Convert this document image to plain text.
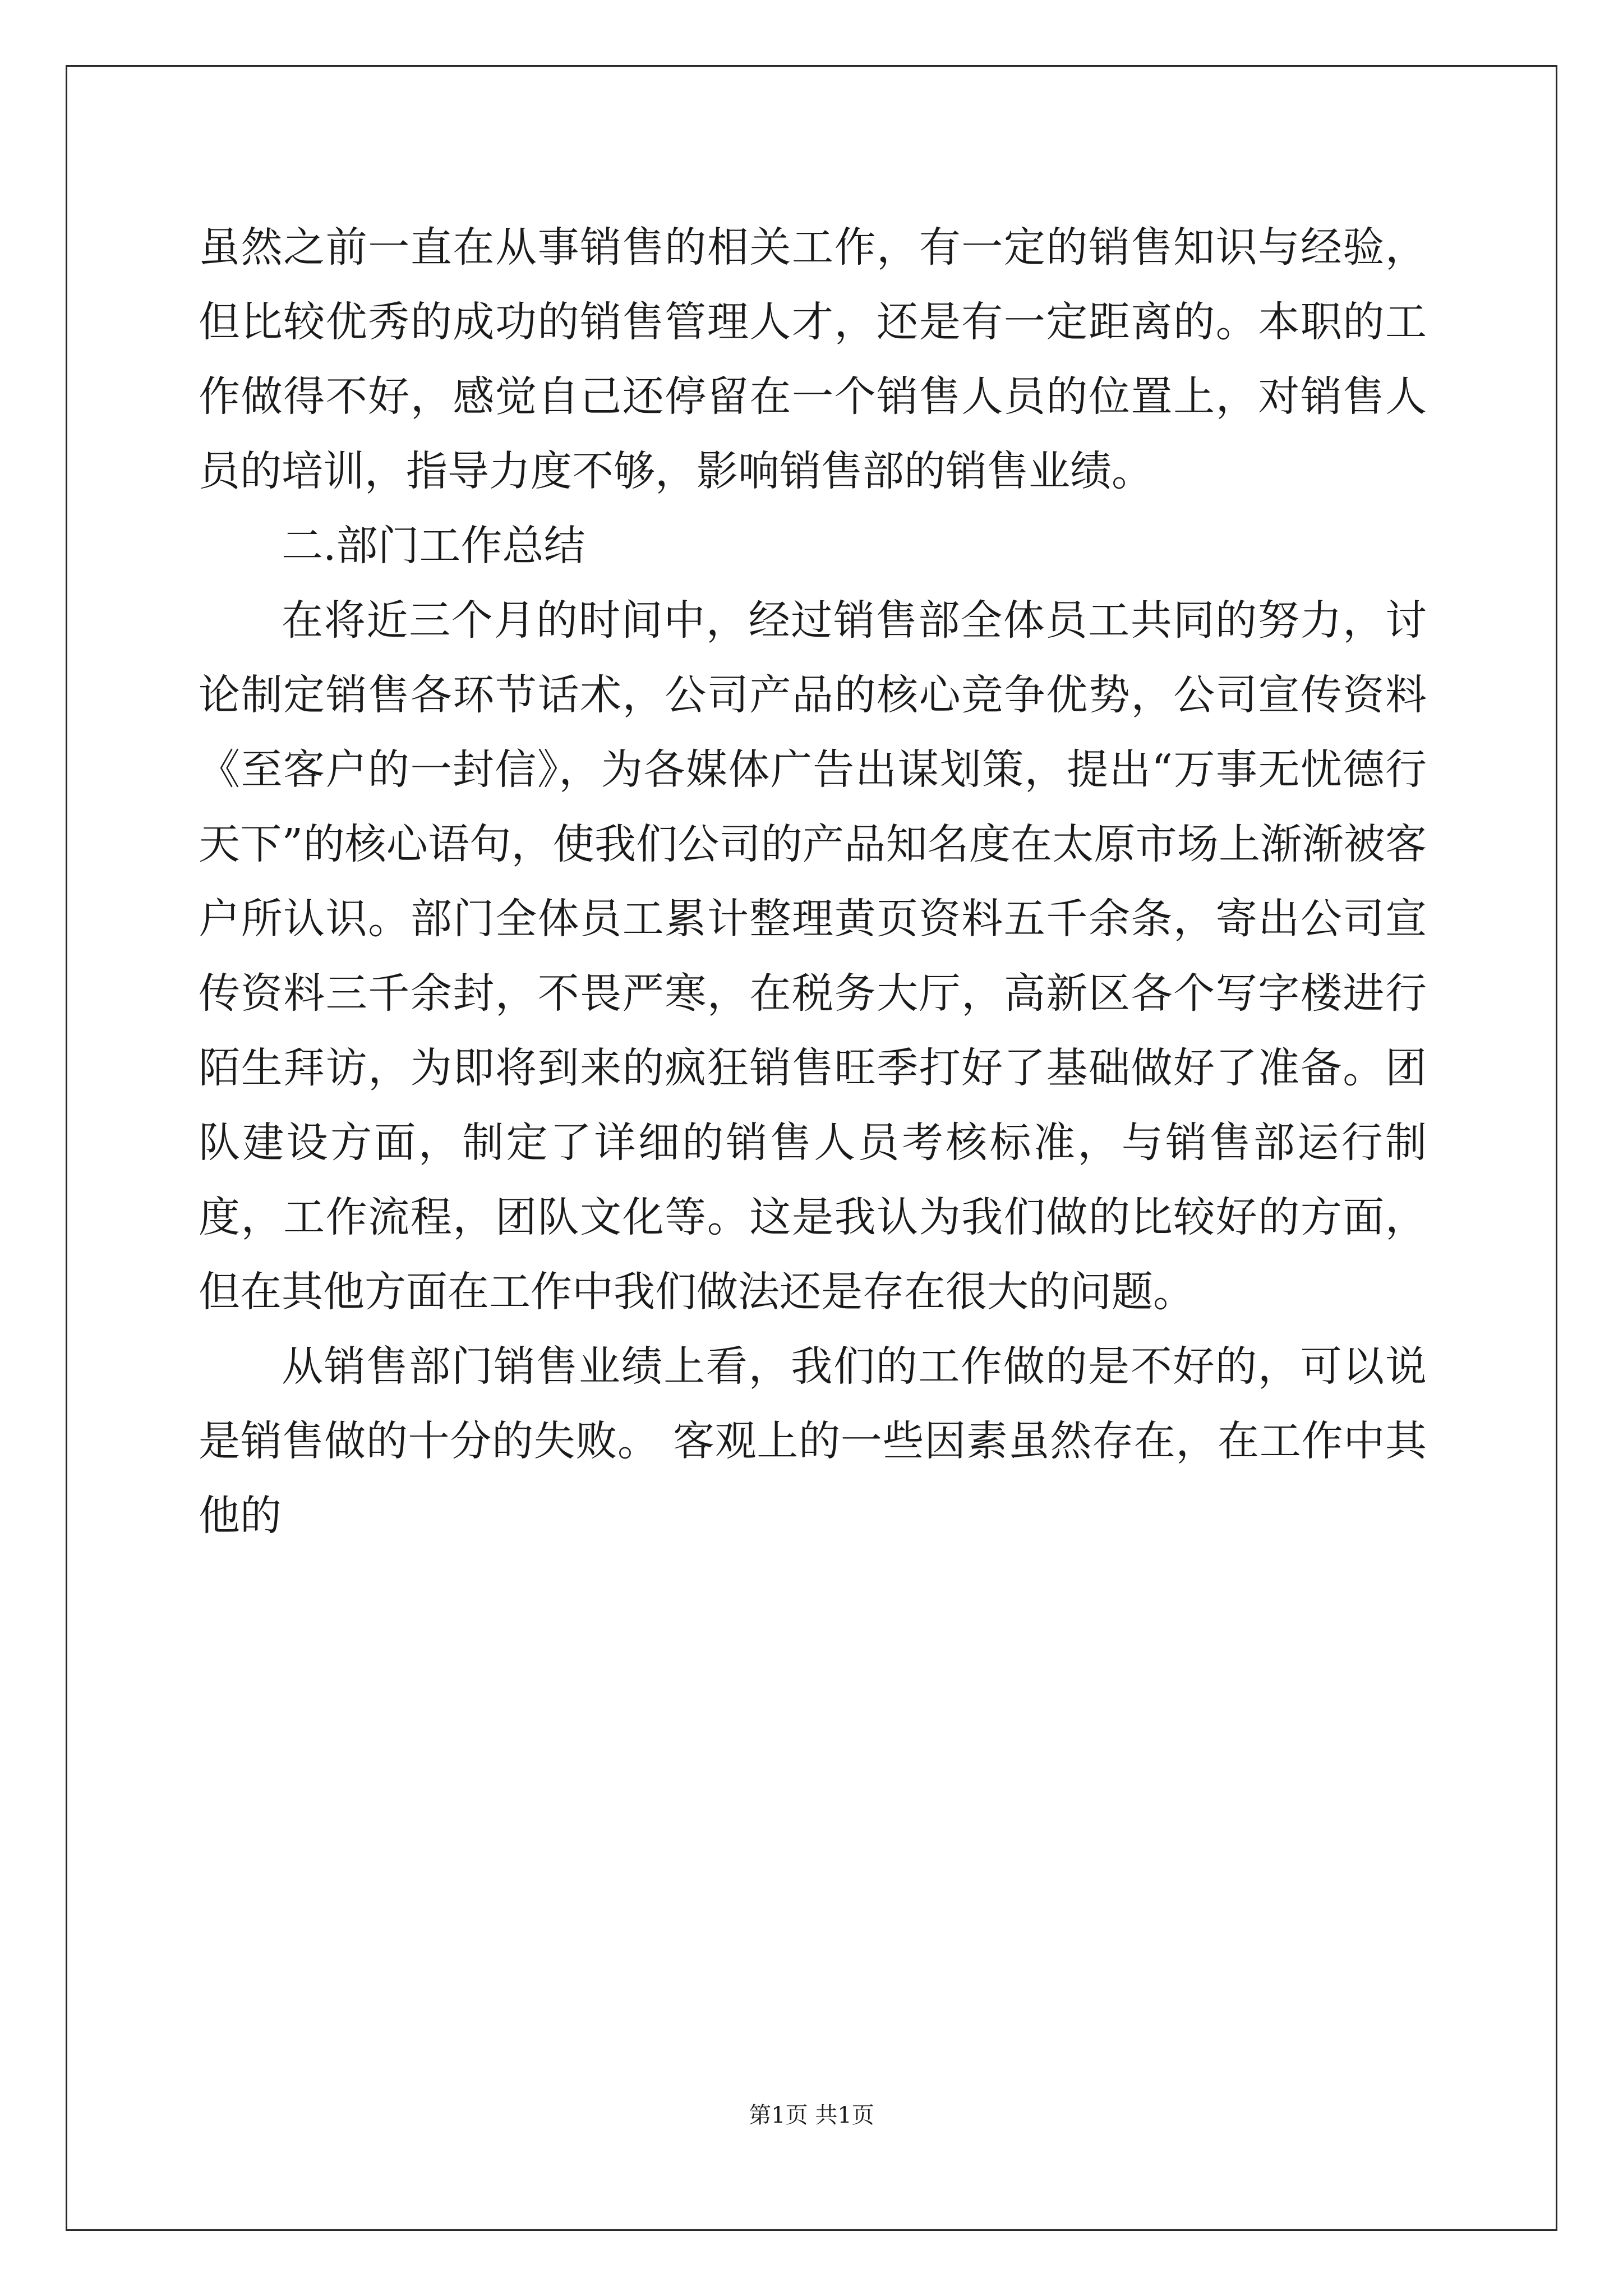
虽然之前一直在从事销售的相关工作，有一定的销售知识与经验，但比较优秀的成功的销售管理人才，还是有一定距离的。本职的工作做得不好，感觉自己还停留在一个销售人员的位置上，对销售人员的培训，指导力度不够，影响销售部的销售业绩。

二.部门工作总结

在将近三个月的时间中，经过销售部全体员工共同的努力，讨论制定销售各环节话术，公司产品的核心竞争优势，公司宣传资料《至客户的一封信》，为各媒体广告出谋划策，提出“万事无忧德行天下”的核心语句，使我们公司的产品知名度在太原市场上渐渐被客户所认识。部门全体员工累计整理黄页资料五千余条，寄出公司宣传资料三千余封，不畏严寒，在税务大厅，高新区各个写字楼进行陌生拜访，为即将到来的疯狂销售旺季打好了基础做好了准备。团队建设方面，制定了详细的销售人员考核标准，与销售部运行制度，工作流程，团队文化等。这是我认为我们做的比较好的方面，但在其他方面在工作中我们做法还是存在很大的问题。

从销售部门销售业绩上看，我们的工作做的是不好的，可以说是销售做的十分的失败。 客观上的一些因素虽然存在，在工作中其他的

第1页 共1页
